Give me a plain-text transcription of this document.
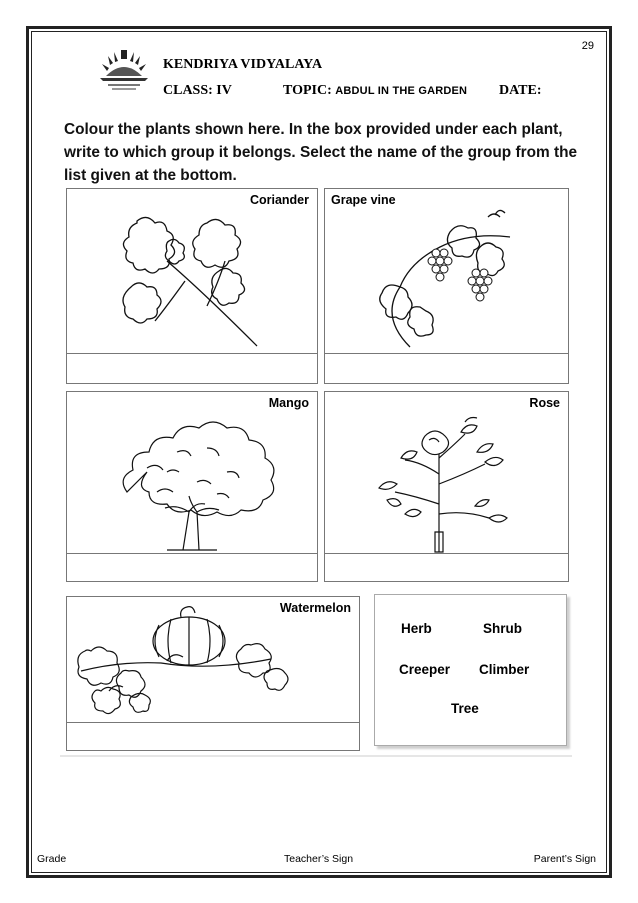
29
KENDRIYA VIDYALAYA
CLASS: IV	TOPIC: ABDUL IN THE GARDEN DATE:
Colour the plants shown here. In the box provided under each plant, write to which group it belongs. Select the name of the group from the list given at the bottom.
Coriander Grape vine
Mango	Rose
Watermelon
Herb	Shrub
Creeper Climber
Tree
Grade	Teacher’s Sign	Parent’s Sign
